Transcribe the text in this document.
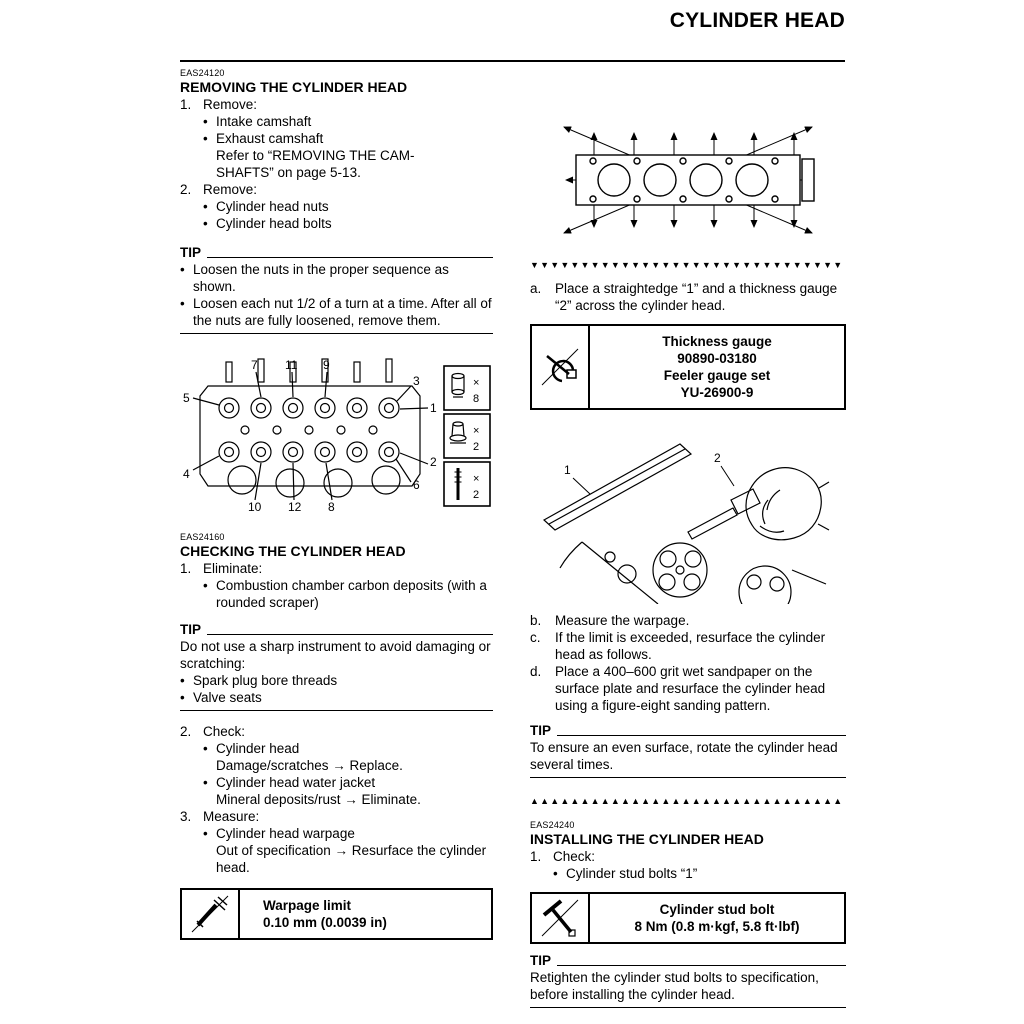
CYLINDER HEAD
EAS24120
REMOVING THE CYLINDER HEAD
1. Remove:
• Intake camshaft
• Exhaust camshaft
Refer to “REMOVING THE CAM-
SHAFTS” on page 5-13.
2. Remove:
• Cylinder head nuts
• Cylinder head bolts
TIP
• Loosen the nuts in the proper sequence as shown.
• Loosen each nut 1/2 of a turn at a time. After all of the nuts are fully loosened, remove them.
5
7 11 9
3
1
4
10 12 8
6
2
×
8
×
2
×
2
EAS24160
CHECKING THE CYLINDER HEAD
1. Eliminate:
• Combustion chamber carbon deposits (with a rounded scraper)
TIP
Do not use a sharp instrument to avoid damaging or scratching:
• Spark plug bore threads
• Valve seats
2. Check:
• Cylinder head
Damage/scratches → Replace.
• Cylinder head water jacket
Mineral deposits/rust → Eliminate.
3. Measure:
• Cylinder head warpage
Out of specification → Resurface the cylinder head.
Warpage limit
0.10 mm (0.0039 in)
▼▼▼▼▼▼▼▼▼▼▼▼▼▼▼▼▼▼▼▼▼▼▼▼▼▼▼▼▼▼▼
a.	Place a straightedge “1” and a thickness gauge “2” across the cylinder head.
Thickness gauge
90890-03180
Feeler gauge set
YU-26900-9
1
2
b.	Measure the warpage.
c.	If the limit is exceeded, resurface the cylinder head as follows.
d.	Place a 400–600 grit wet sandpaper on the surface plate and resurface the cylinder head using a figure-eight sanding pattern.
TIP
To ensure an even surface, rotate the cylinder head several times.
▲▲▲▲▲▲▲▲▲▲▲▲▲▲▲▲▲▲▲▲▲▲▲▲▲▲▲▲▲▲▲
EAS24240
INSTALLING THE CYLINDER HEAD
1. Check:
• Cylinder stud bolts “1”
Cylinder stud bolt
8 Nm (0.8 m·kgf, 5.8 ft·lbf)
TIP
Retighten the cylinder stud bolts to specification, before installing the cylinder head.
